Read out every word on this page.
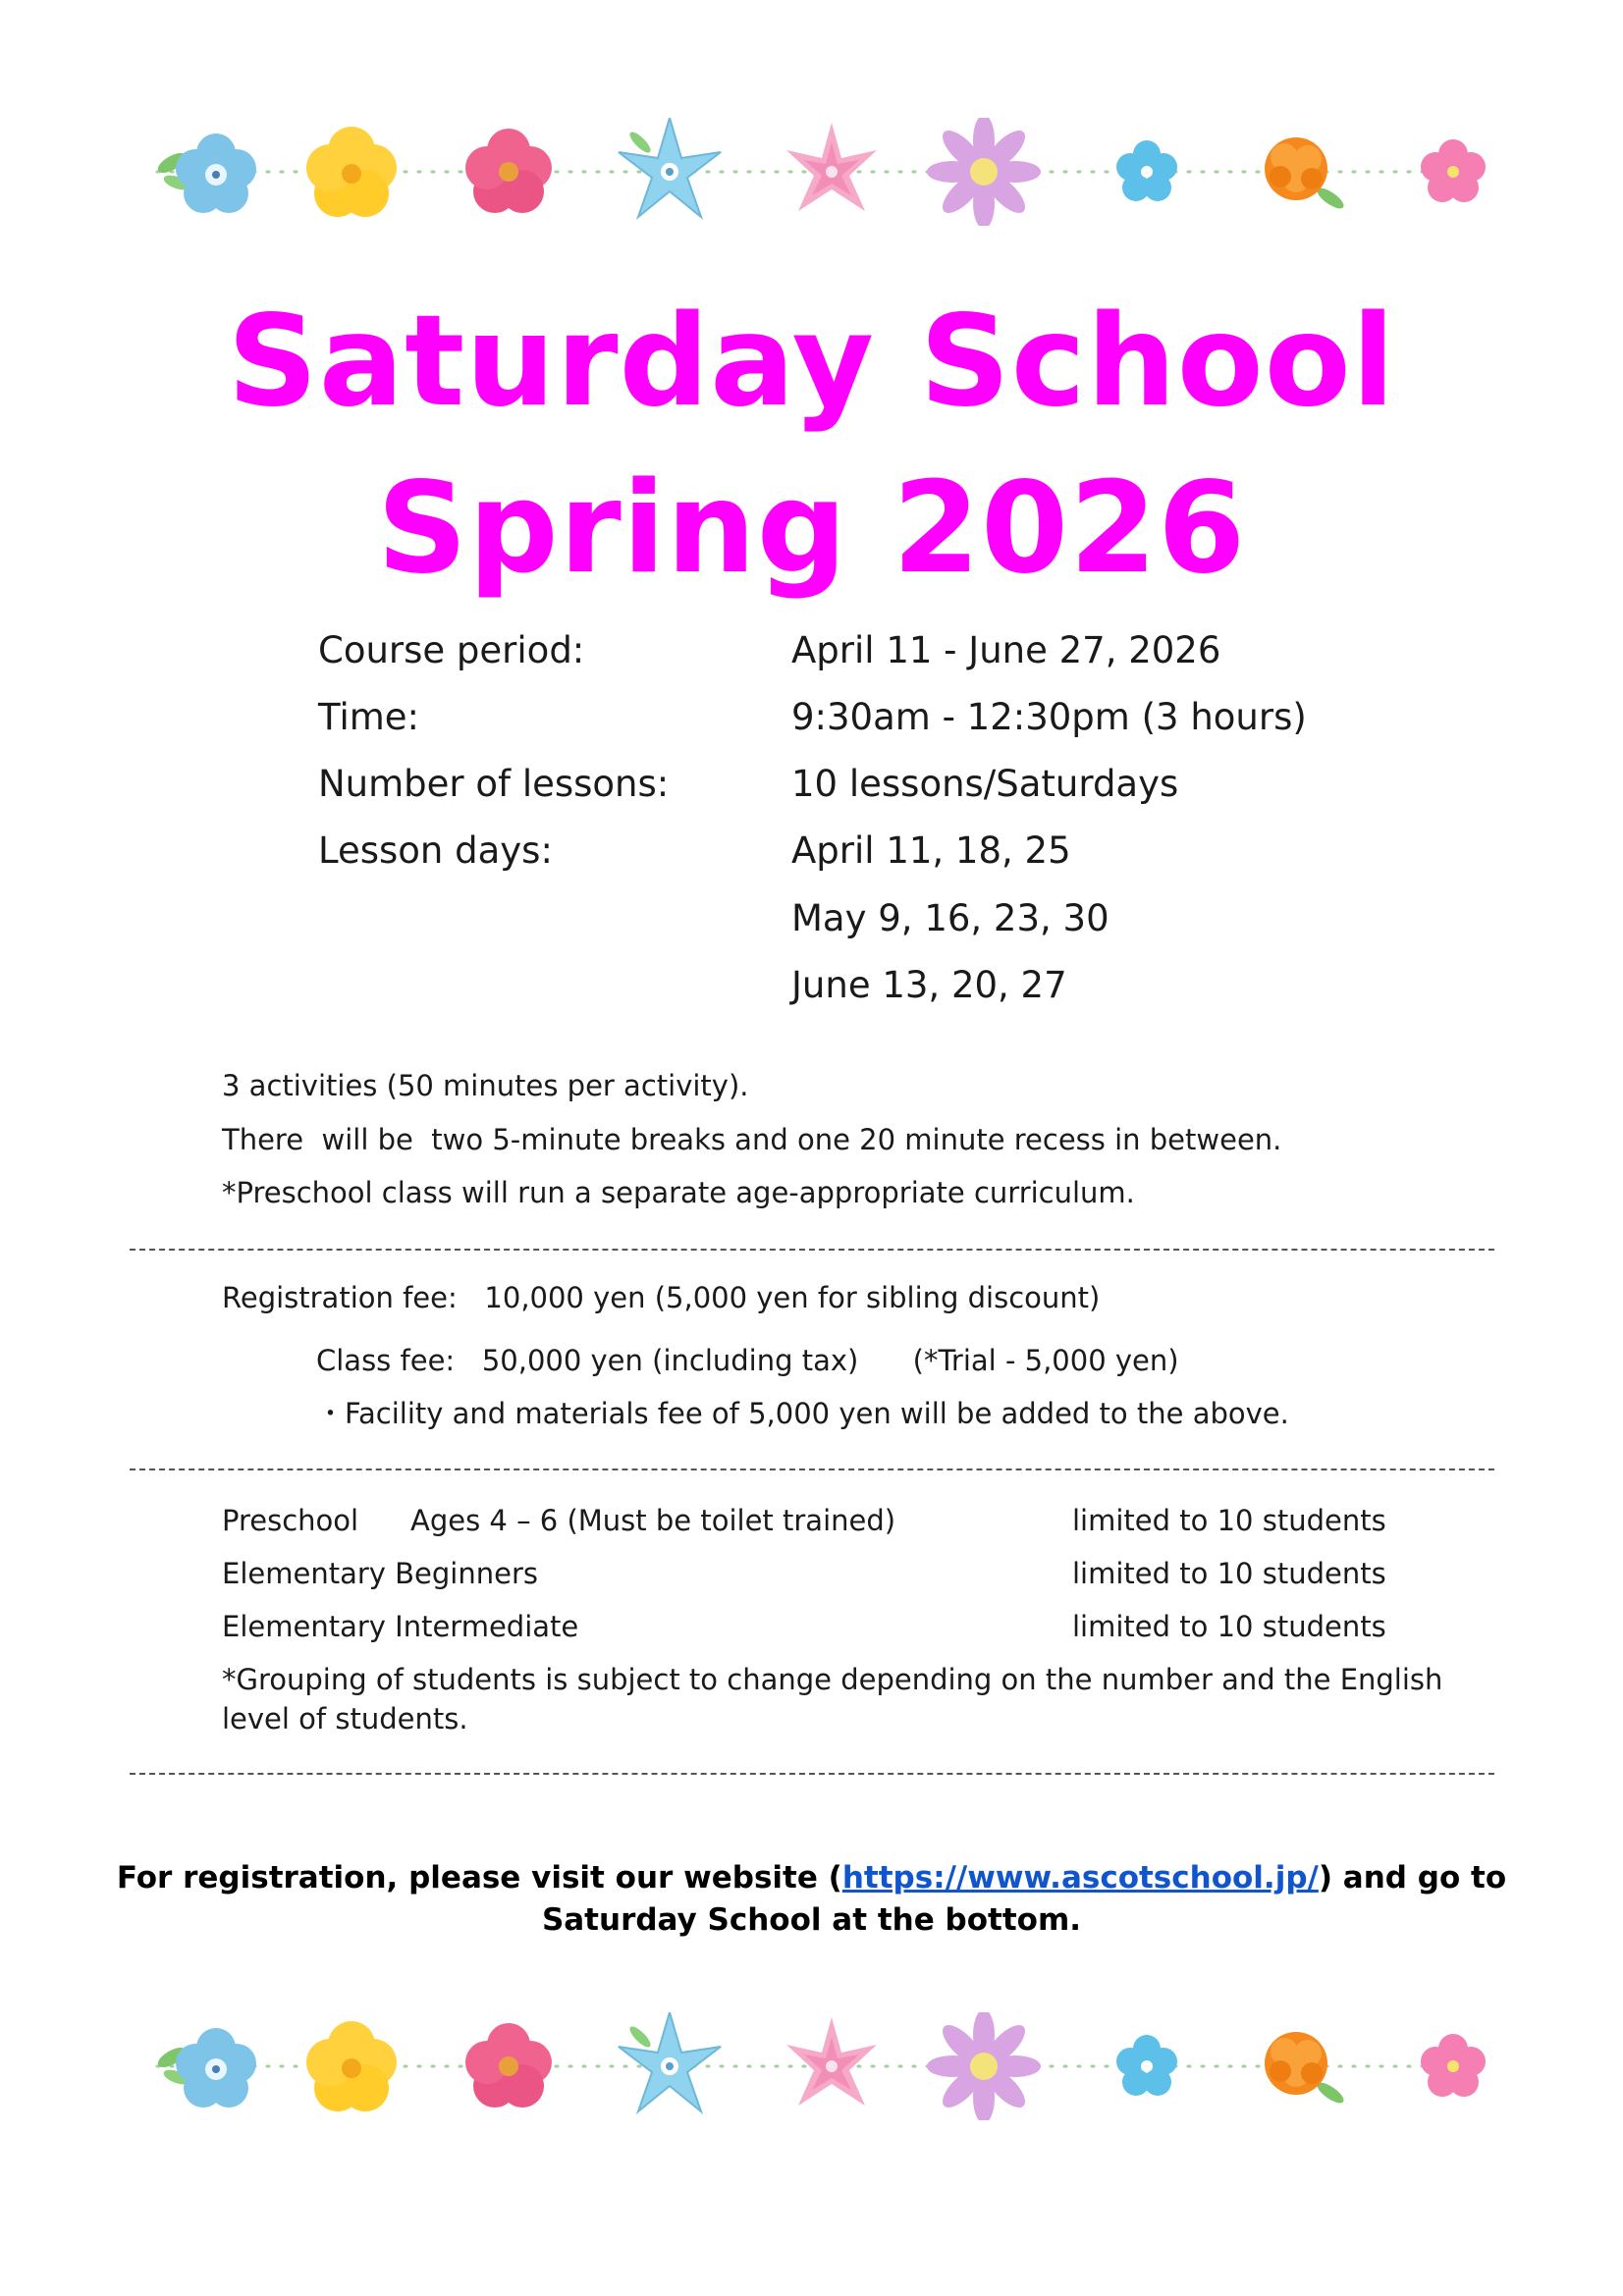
Saturday School
Spring 2026
Course period:	April 11 - June 27, 2026
Time:	9:30am - 12:30pm (3 hours)
Number of lessons:	10 lessons/Saturdays
Lesson days:	April 11, 18, 25
May 9, 16, 23, 30
June 13, 20, 27
3 activities (50 minutes per activity).
There  will be  two 5-minute breaks and one 20 minute recess in between.
*Preschool class will run a separate age-appropriate curriculum.
Registration fee:   10,000 yen (5,000 yen for sibling discount)
Class fee:   50,000 yen (including tax)      (*Trial - 5,000 yen)
・Facility and materials fee of 5,000 yen will be added to the above.
Preschool Ages 4 – 6 (Must be toilet trained)	limited to 10 students
Elementary Beginners	limited to 10 students
Elementary Intermediate	limited to 10 students
*Grouping of students is subject to change depending on the number and the English
level of students.
For registration, please visit our website (https://www.ascotschool.jp/) and go to
Saturday School at the bottom.
